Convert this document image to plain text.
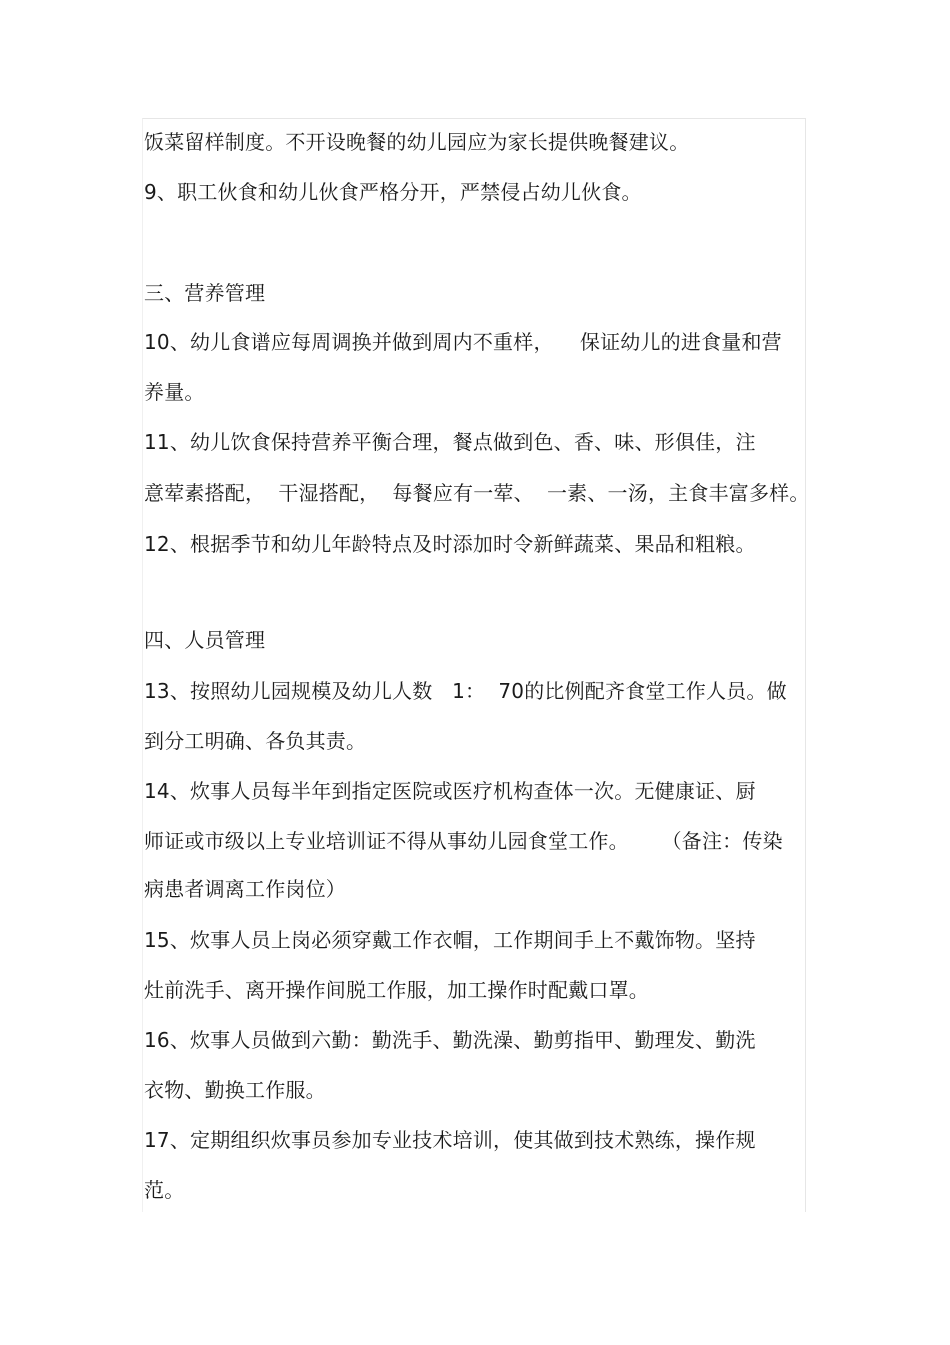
饭菜留样制度。不开设晚餐的幼儿园应为家长提供晚餐建议。
9、职工伙食和幼儿伙食严格分开，严禁侵占幼儿伙食。
三、营养管理
10、幼儿食谱应每周调换并做到周内不重样，    保证幼儿的进食量和营
养量。
11、幼儿饮食保持营养平衡合理，餐点做到色、香、味、形俱佳，注
意荤素搭配，  干湿搭配，  每餐应有一荤、  一素、一汤，主食丰富多样。
12、根据季节和幼儿年龄特点及时添加时令新鲜蔬菜、果品和粗粮。
四、人员管理
13、按照幼儿园规模及幼儿人数   1：  70的比例配齐食堂工作人员。做
到分工明确、各负其责。
14、炊事人员每半年到指定医院或医疗机构查体一次。无健康证、厨
师证或市级以上专业培训证不得从事幼儿园食堂工作。     （备注：传染
病患者调离工作岗位）
15、炊事人员上岗必须穿戴工作衣帽，工作期间手上不戴饰物。坚持
灶前洗手、离开操作间脱工作服，加工操作时配戴口罩。
16、炊事人员做到六勤：勤洗手、勤洗澡、勤剪指甲、勤理发、勤洗
衣物、勤换工作服。
17、定期组织炊事员参加专业技术培训，使其做到技术熟练，操作规
范。
